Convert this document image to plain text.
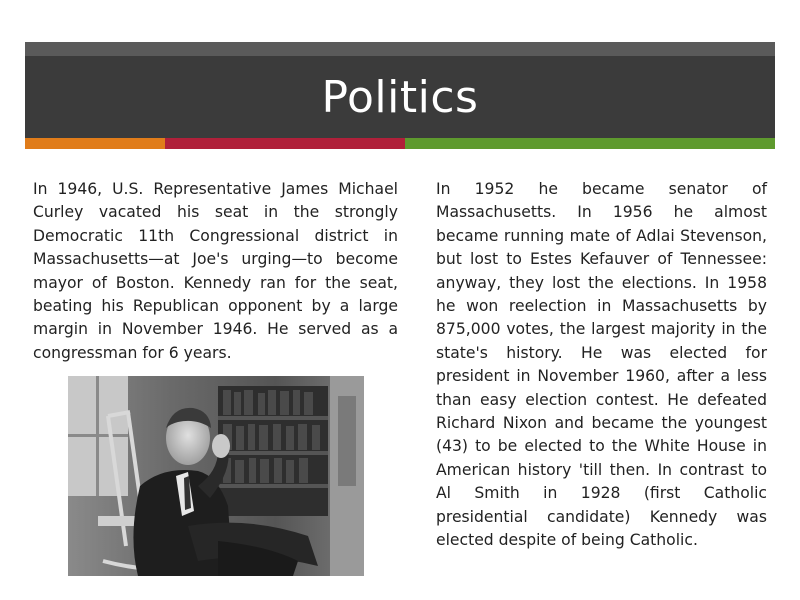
Politics

In 1946, U.S. Representative James Michael Curley vacated his seat in the strongly Democratic 11th Congressional district in Massachusetts—at Joe's urging—to become mayor of Boston. Kennedy ran for the seat, beating his Republican opponent by a large margin in November 1946. He served as a congressman for 6 years.

In 1952 he became senator of Massachusetts. In 1956 he almost became running mate of Adlai Stevenson, but lost to Estes Kefauver of Tennessee: anyway, they lost the elections. In 1958 he won reelection in Massachusetts by 875,000 votes, the largest majority in the state's history. He was elected for president in November 1960, after a less than easy election contest. He defeated Richard Nixon and became the youngest (43) to be elected to the White House in American history 'till then. In contrast to Al Smith in 1928 (first Catholic presidential candidate) Kennedy was elected despite of being Catholic.
